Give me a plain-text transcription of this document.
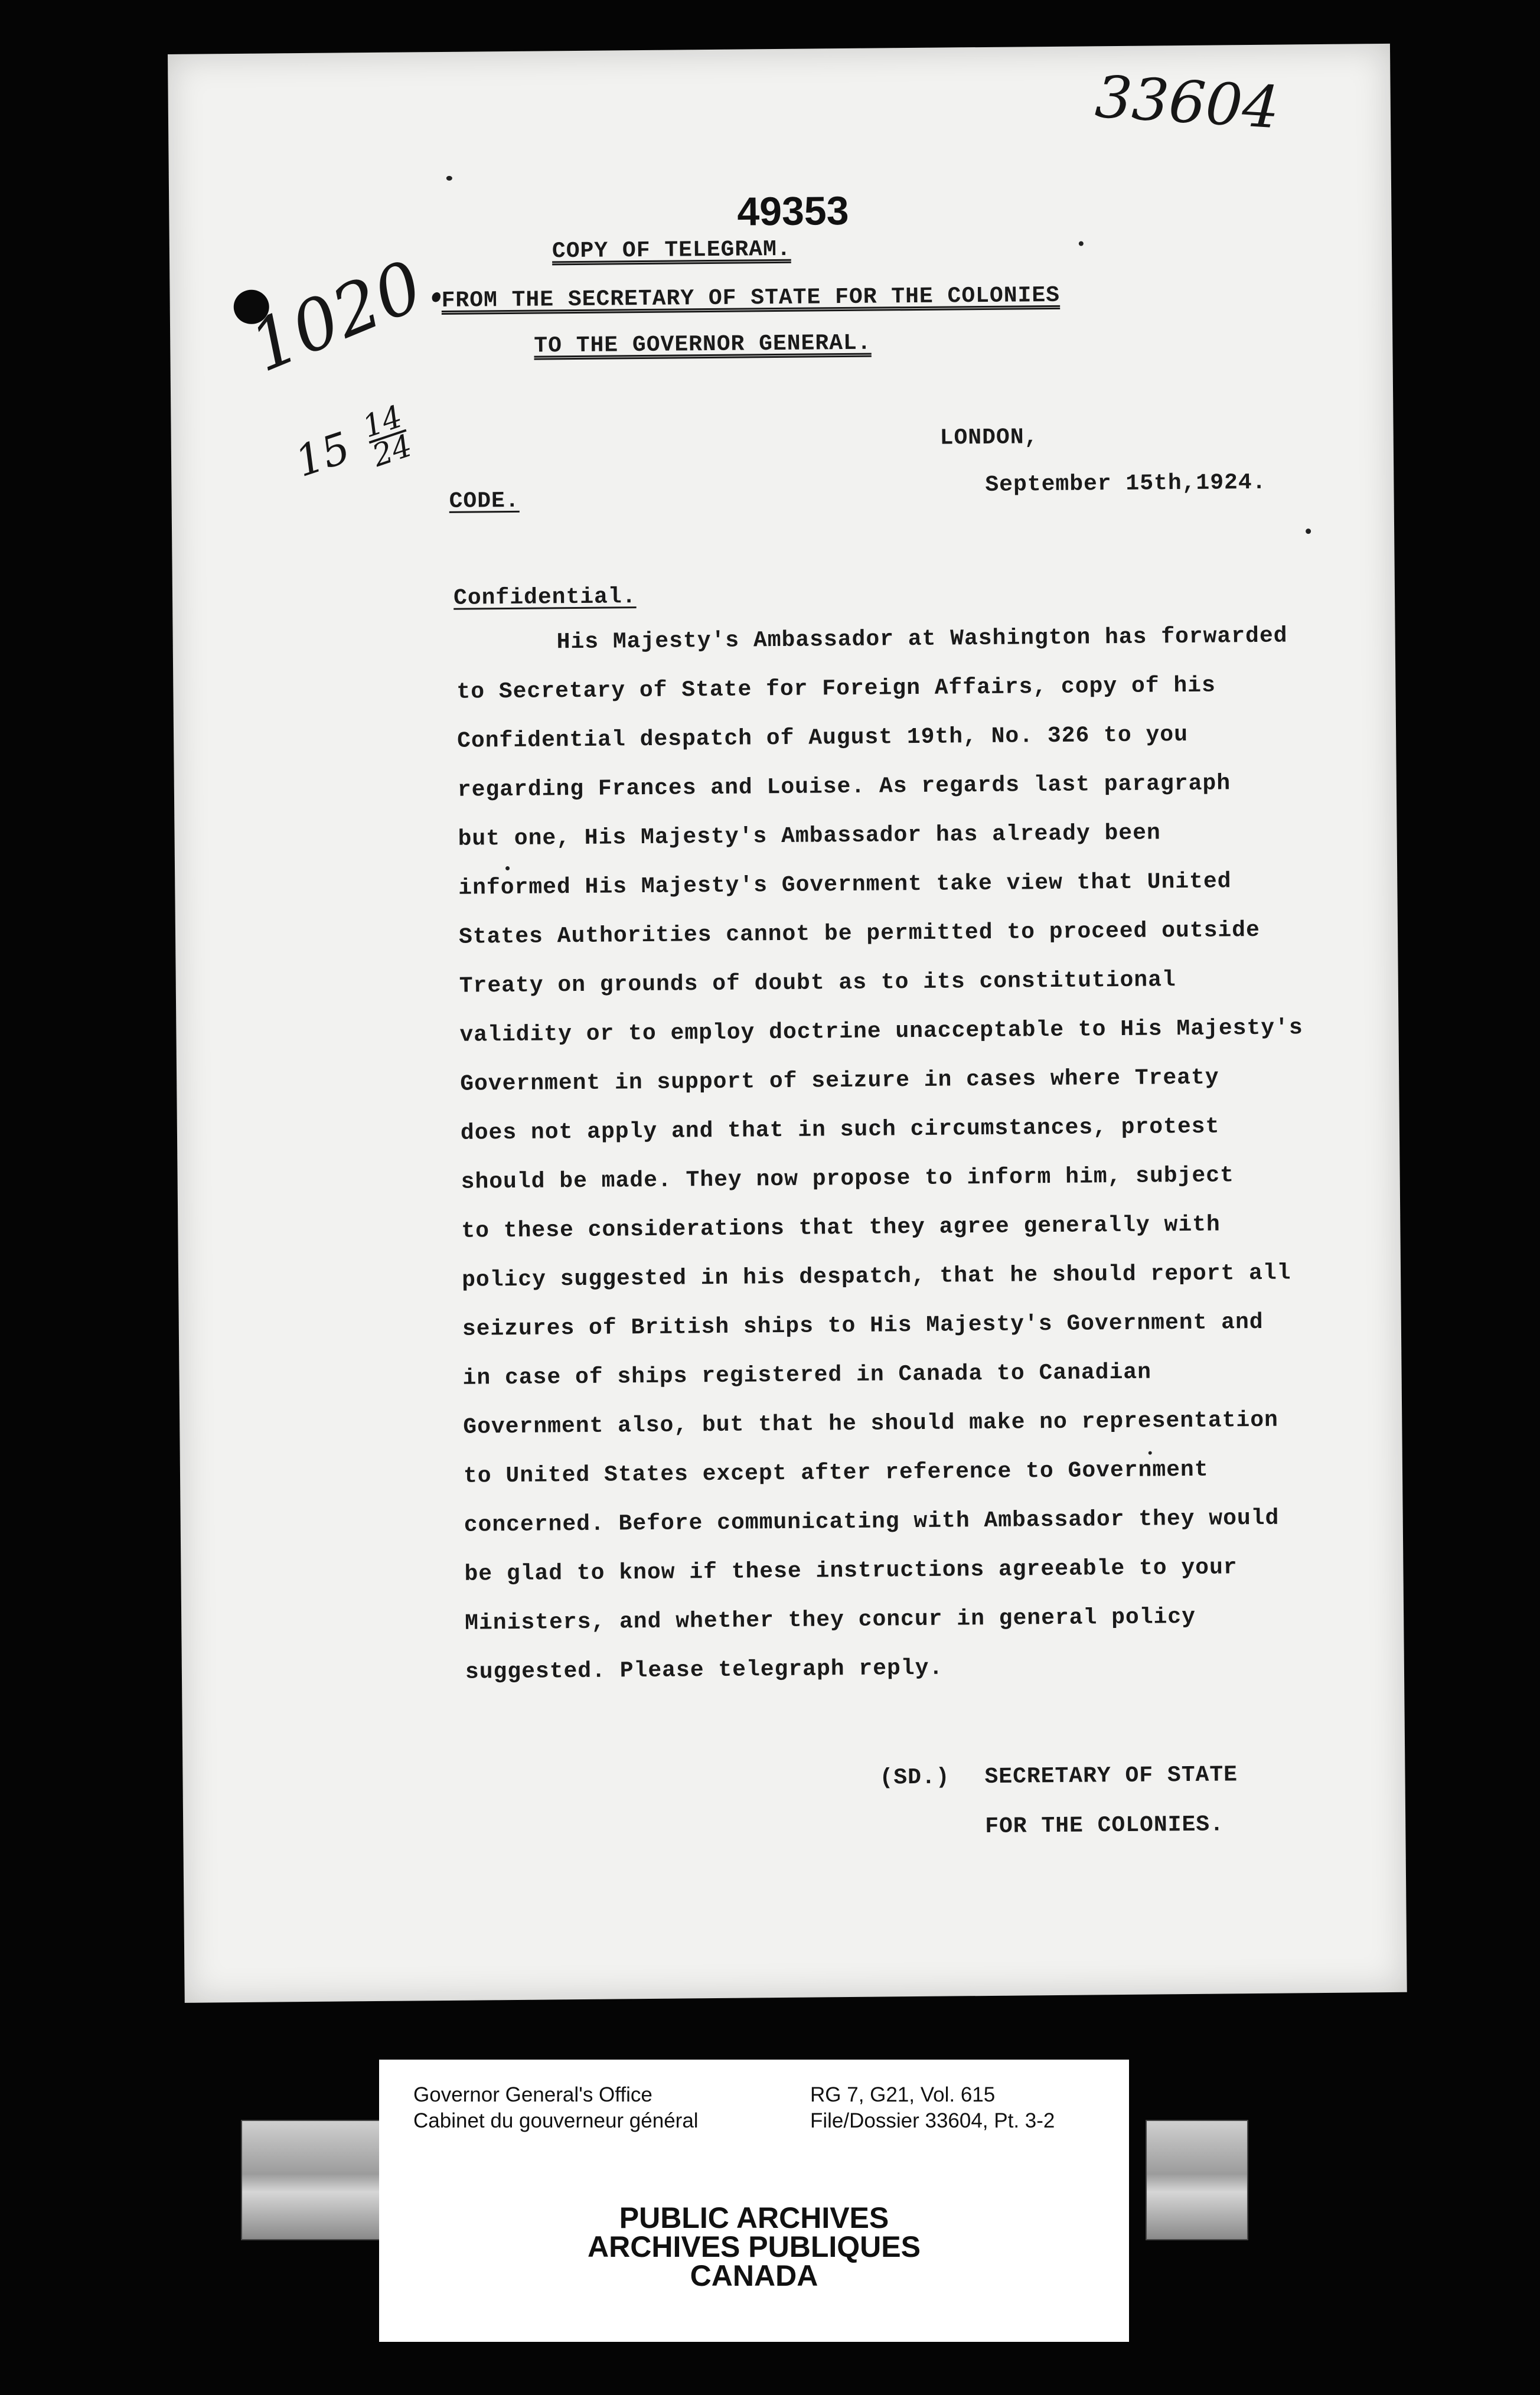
33604
49353
1020.
15
14
24
COPY OF TELEGRAM.
FROM THE SECRETARY OF STATE FOR THE COLONIES
TO THE GOVERNOR GENERAL.
LONDON,
September 15th,1924.
CODE.
Confidential.
His Majesty's Ambassador at Washington has forwarded
to Secretary of State for Foreign Affairs, copy of his
Confidential despatch of August 19th, No. 326 to you
regarding Frances and Louise. As regards last paragraph
but one, His Majesty's Ambassador has already been
informed His Majesty's Government take view that United
States Authorities cannot be permitted to proceed outside
Treaty on grounds of doubt as to its constitutional
validity or to employ doctrine unacceptable to His Majesty's
Government in support of seizure in cases where Treaty
does not apply and that in such circumstances, protest
should be made. They now propose to inform him, subject
to these considerations that they agree generally with
policy suggested in his despatch, that he should report all
seizures of British ships to His Majesty's Government and
in case of ships registered in Canada to Canadian
Government also, but that he should make no representation
to United States except after reference to Government
concerned. Before communicating with Ambassador they would
be glad to know if these instructions agreeable to your
Ministers, and whether they concur in general policy
suggested. Please telegraph reply.
(SD.) SECRETARY OF STATE
FOR THE COLONIES.
Governor General's Office
Cabinet du gouverneur général
RG 7, G21, Vol. 615
File/Dossier 33604, Pt. 3-2
PUBLIC ARCHIVES
ARCHIVES PUBLIQUES
CANADA
